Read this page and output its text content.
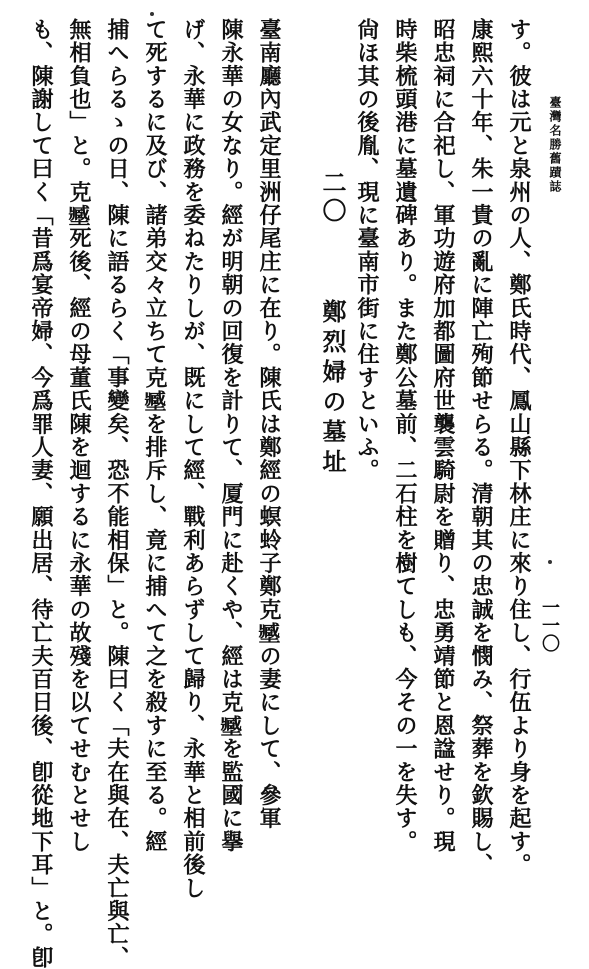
臺灣名勝舊蹟誌
一一〇
す。彼は元と泉州の人、鄭氏時代、鳳山縣下林庄に來り住し、行伍より身を起す。
康熙六十年、朱一貴の亂に陣亡殉節せらる。清朝其の忠誠を憫み、祭葬を欽賜し、
昭忠祠に合祀し、軍功遊府加都圖府世襲雲騎尉を贈り、忠勇靖節と恩諡せり。現
時柴梳頭港に墓遺碑あり。また鄭公墓前、二石柱を樹てしも、今その一を失す。
尙ほ其の後胤、現に臺南市街に住すといふ。
二〇 鄭烈婦の墓址
臺南廳內武定里洲仔尾庄に在り。陳氏は鄭經の螟蛉子鄭克𡒉の妻にして、參軍
陳永華の女なり。經が明朝の回復を計りて、厦門に赴くや、經は克𡒉を監國に擧
げ、永華に政務を委ねたりしが、既にして經、戰利あらずして歸り、永華と相前後し
て死するに及び、諸弟交々立ちて克𡒉を排斥し、竟に捕へて之を殺すに至る。經
捕へらるゝの日、陳に語るらく「事變矣、恐不能相保」と。陳曰く「夫在與在、夫亡與亡、
無相負也」と。克𡒉死後、經の母董氏陳を迴するに永華の故殘を以てせむとせし
も、陳謝して曰く「昔爲宴帝婦、今爲罪人妻、願出居、待亡夫百日後、卽從地下耳」と。卽
